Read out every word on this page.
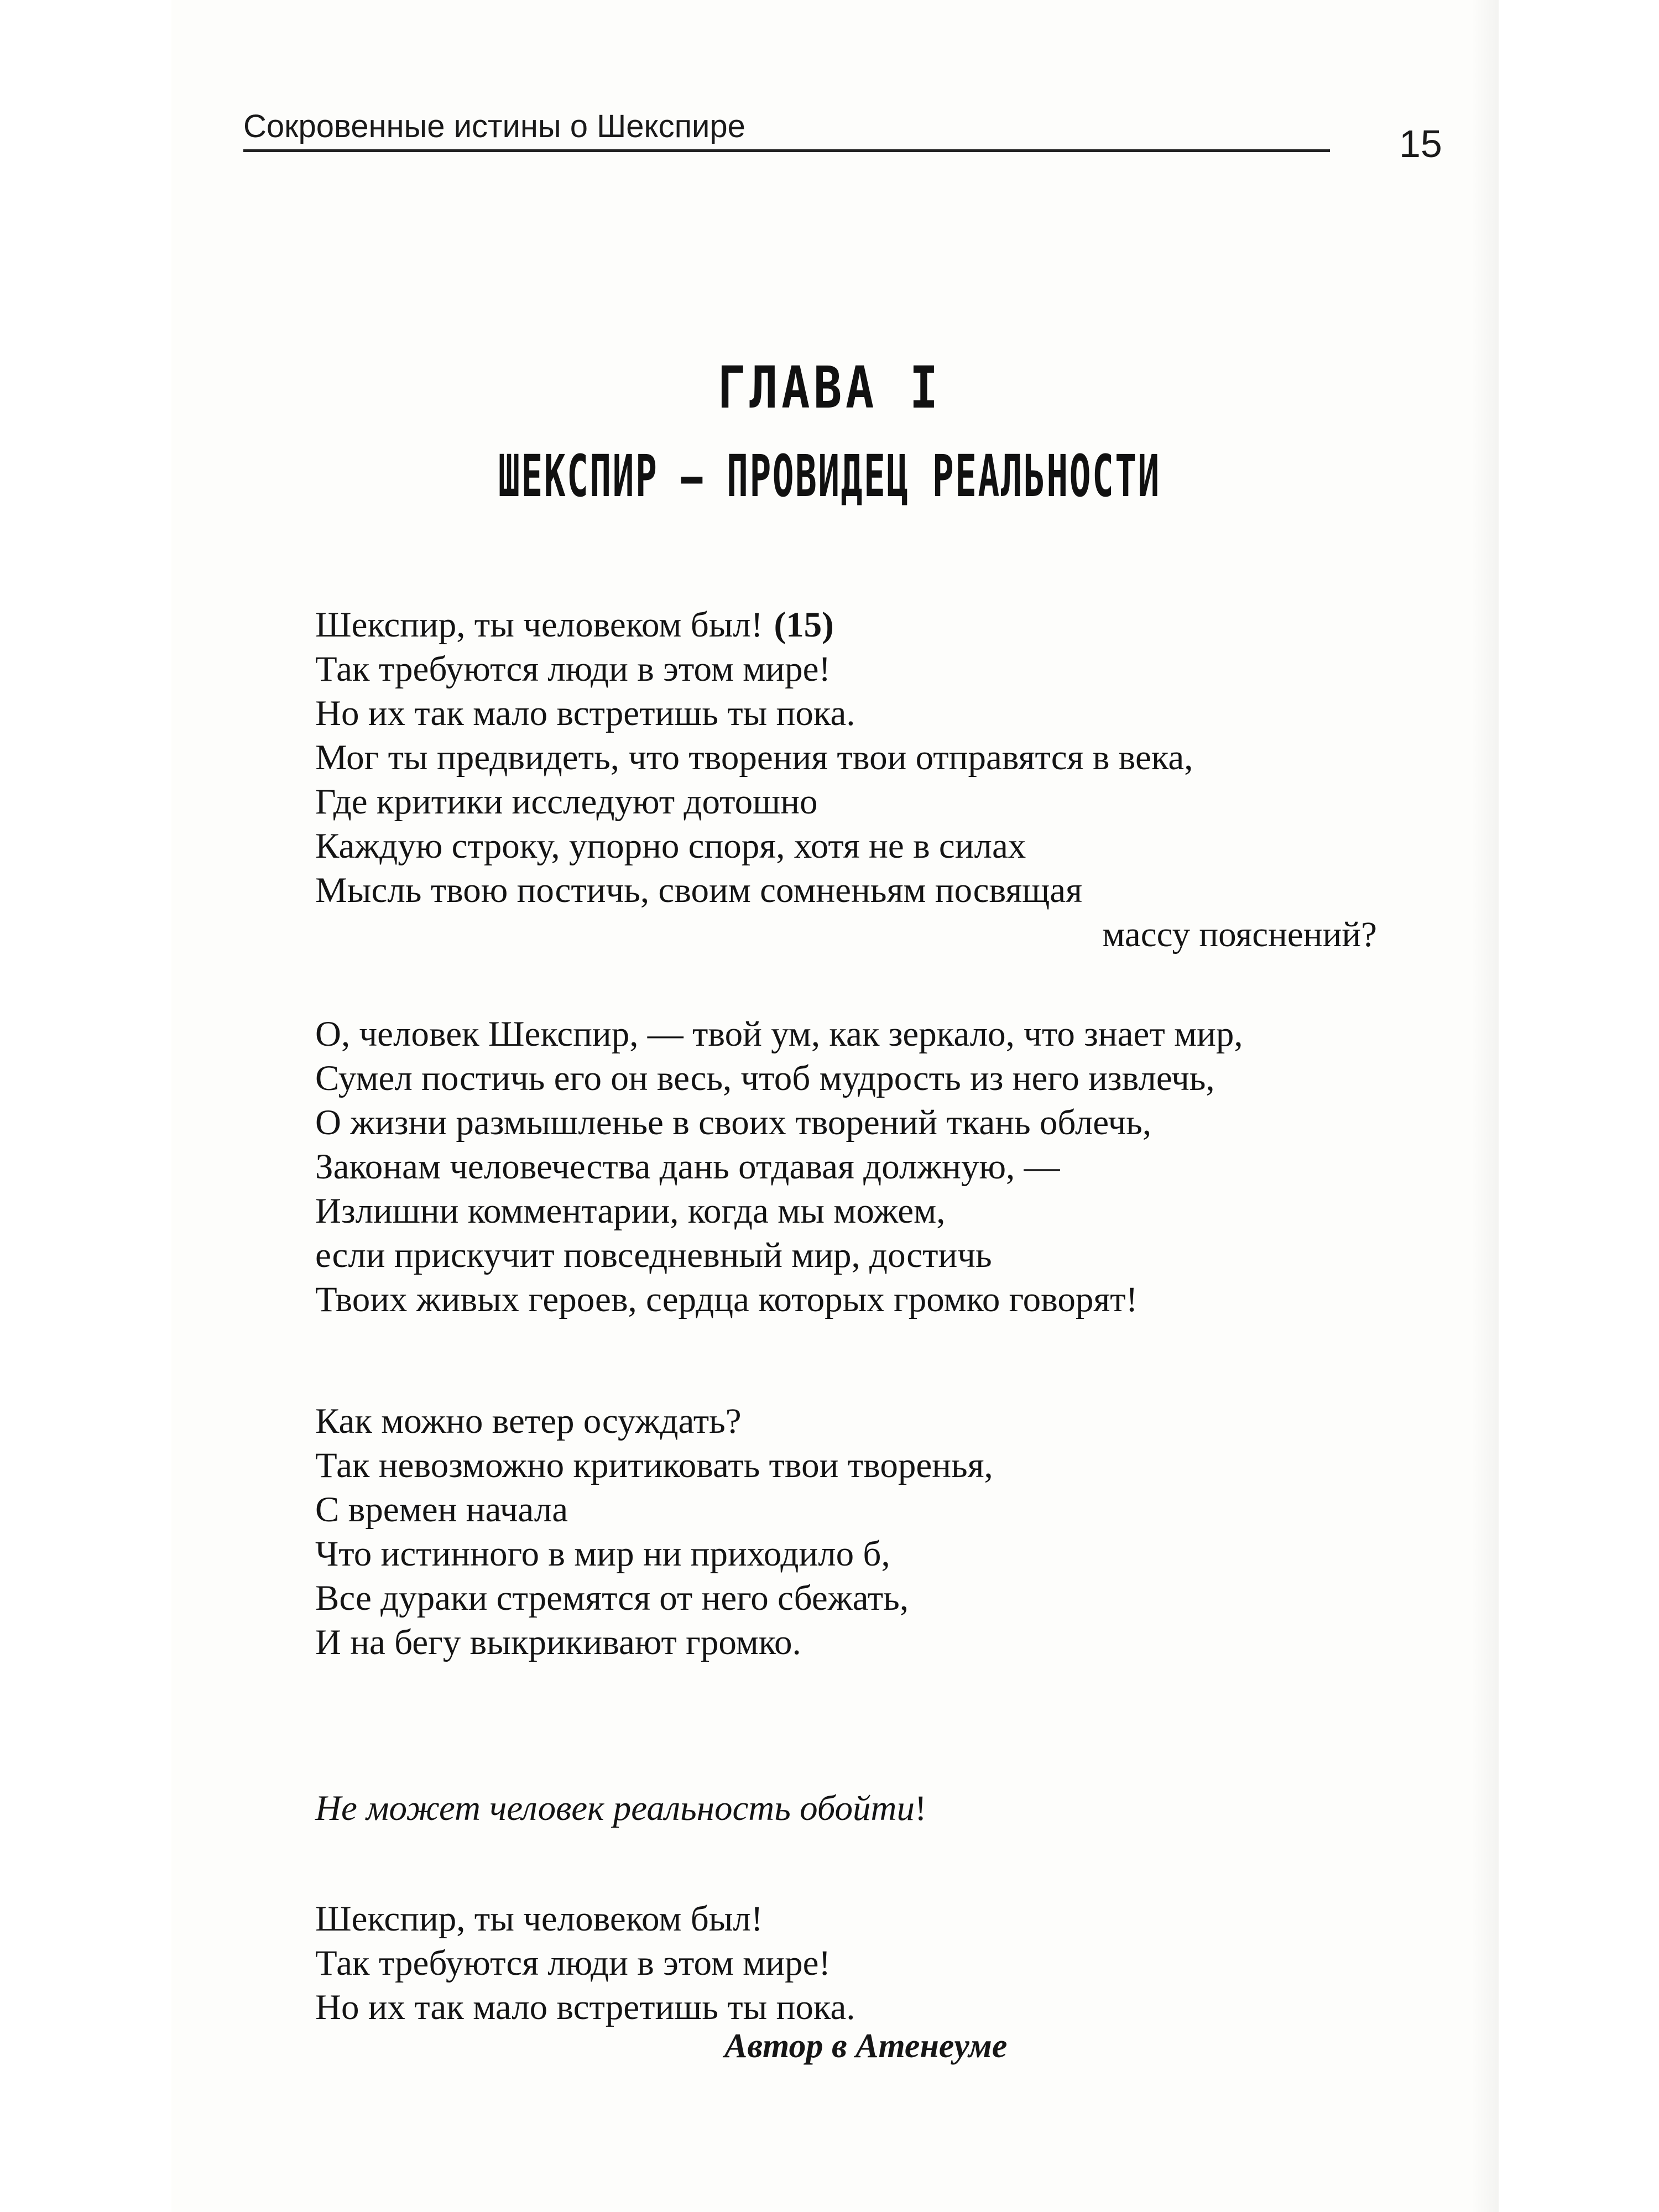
Сокровенные истины о Шекспире	15
ГЛАВА I
ШЕКСПИР — ПРОВИДЕЦ РЕАЛЬНОСТИ
Шекспир, ты человеком был! (15)
Так требуются люди в этом мире!
Но их так мало встретишь ты пока.
Мог ты предвидеть, что творения твои отправятся в века,
Где критики исследуют дотошно
Каждую строку, упорно споря, хотя не в силах
Мысль твою постичь, своим сомненьям посвящая
массу пояснений?
О, человек Шекспир, — твой ум, как зеркало, что знает мир,
Сумел постичь его он весь, чтоб мудрость из него извлечь,
О жизни размышленье в своих творений ткань облечь,
Законам человечества дань отдавая должную, —
Излишни комментарии, когда мы можем,
если прискучит повседневный мир, достичь
Твоих живых героев, сердца которых громко говорят!
Как можно ветер осуждать?
Так невозможно критиковать твои творенья,
С времен начала
Что истинного в мир ни приходило б,
Все дураки стремятся от него сбежать,
И на бегу выкрикивают громко.
Не может человек реальность обойти!
Шекспир, ты человеком был!
Так требуются люди в этом мире!
Но их так мало встретишь ты пока.
Автор в Атенеуме
